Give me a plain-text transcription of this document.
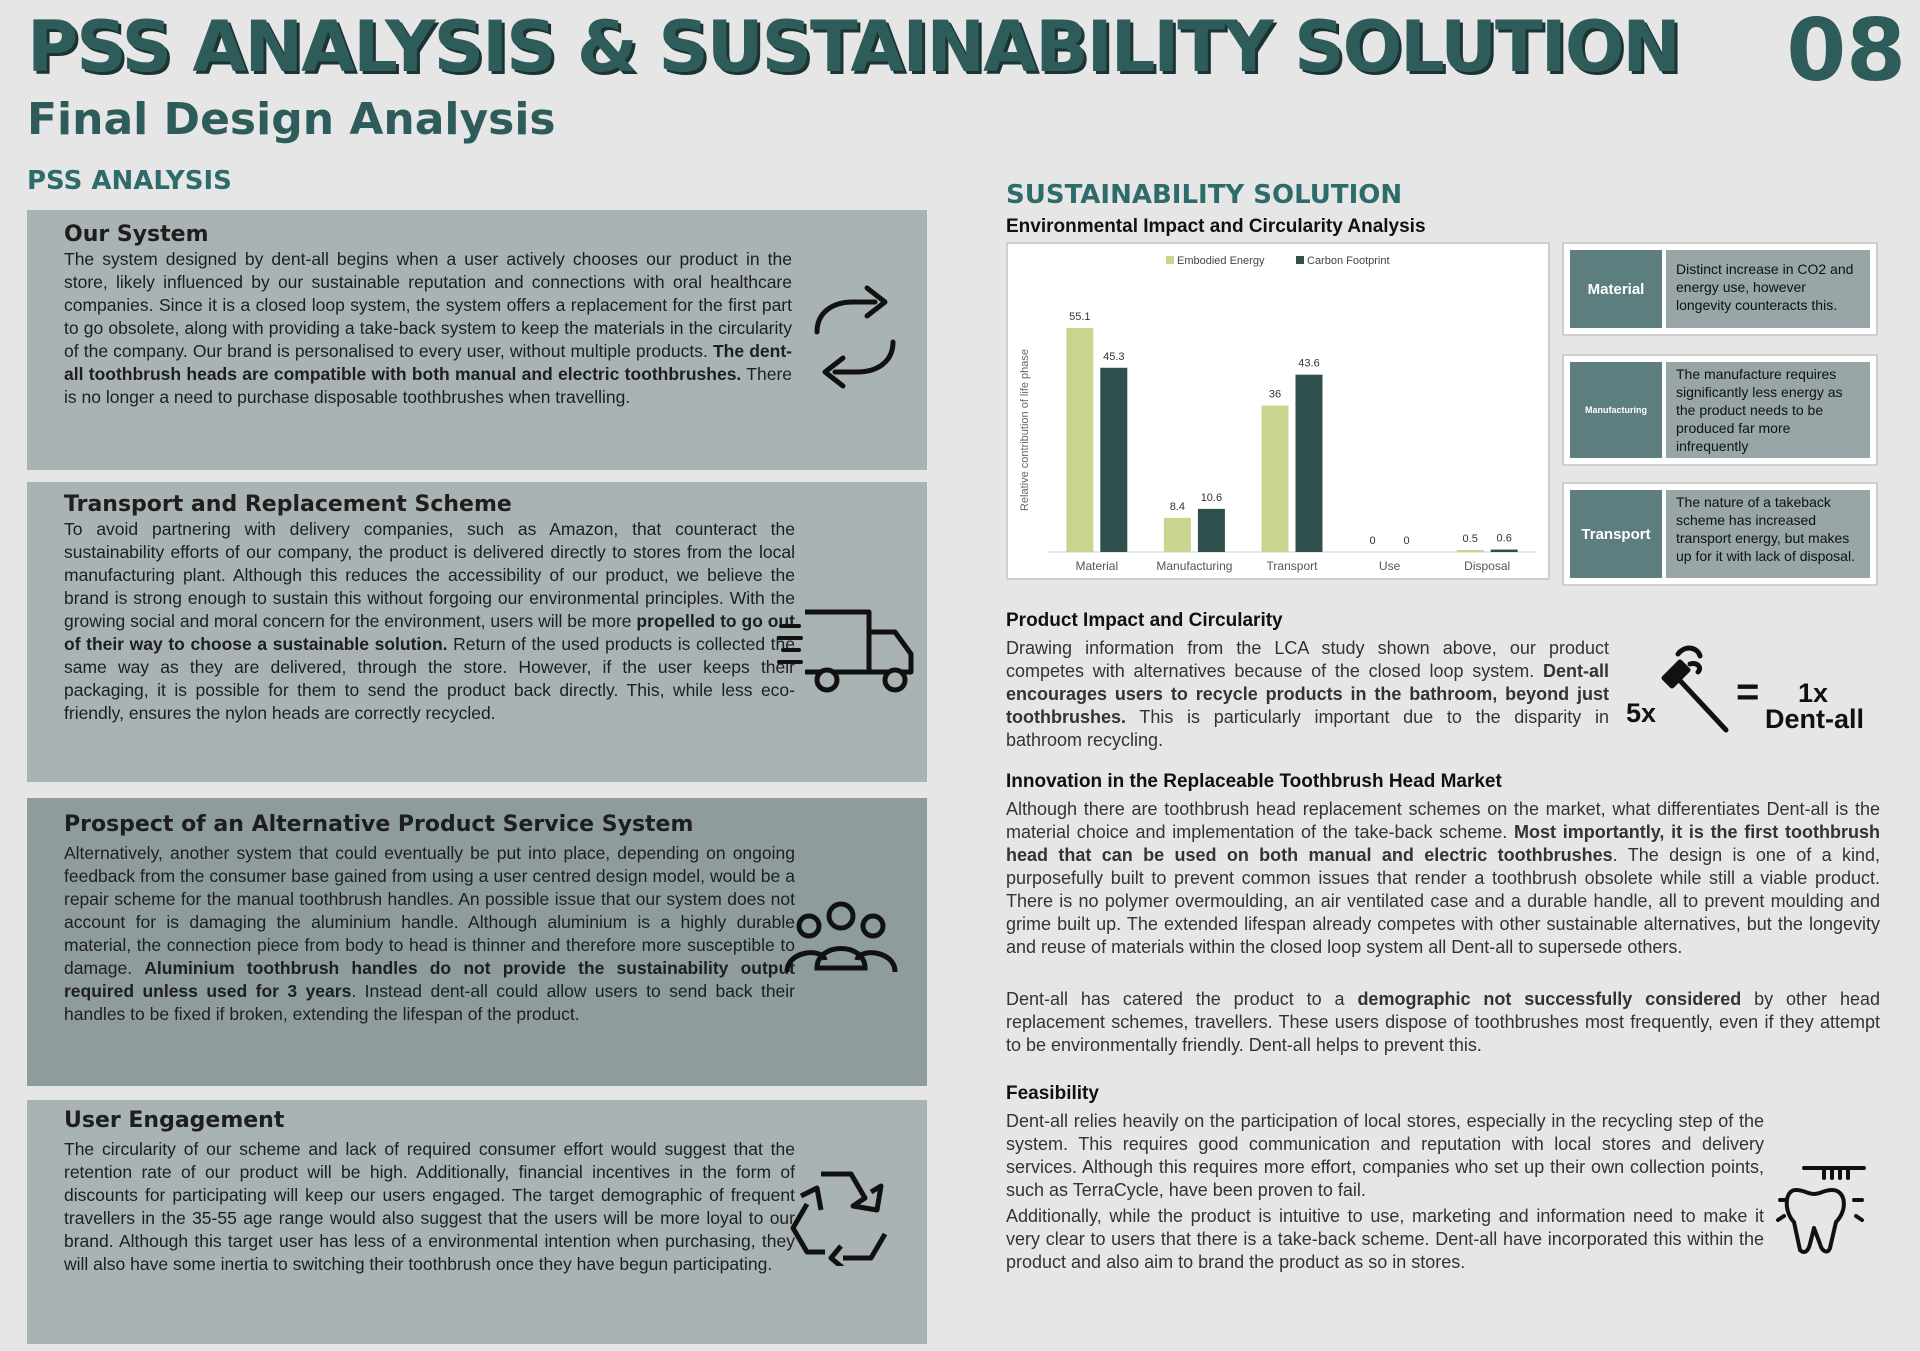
PSS ANALYSIS & SUSTAINABILITY SOLUTION 08
Final Design Analysis
PSS ANALYSIS
Our System

The system designed by dent-all begins when a user actively chooses our product in the store, likely influenced by our sustainable reputation and connections with oral healthcare companies. Since it is a closed loop system, the system offers a replacement for the first part to go obsolete, along with providing a take-back system to keep the materials in the circularity of the company. Our brand is personalised to every user, without multiple products. The dent-all toothbrush heads are compatible with both manual and electric toothbrushes. There is no longer a need to purchase disposable toothbrushes when travelling.

Transport and Replacement Scheme

To avoid partnering with delivery companies, such as Amazon, that counteract the sustainability efforts of our company, the product is delivered directly to stores from the local manufacturing plant. Although this reduces the accessibility of our product, we believe the brand is strong enough to sustain this without forgoing our environmental principles. With the growing social and moral concern for the environment, users will be more propelled to go out of their way to choose a sustainable solution. Return of the used products is collected the same way as they are delivered, through the store. However, if the user keeps their packaging, it is possible for them to send the product back directly. This, while less eco-friendly, ensures the nylon heads are correctly recycled.

Prospect of an Alternative Product Service System

Alternatively, another system that could eventually be put into place, depending on ongoing feedback from the consumer base gained from using a user centred design model, would be a repair scheme for the manual toothbrush handles. An possible issue that our system does not account for is damaging the aluminium handle. Although aluminium is a highly durable material, the connection piece from body to head is thinner and therefore more susceptible to damage. Aluminium toothbrush handles do not provide the sustainability output required unless used for 3 years. Instead dent-all could allow users to send back their handles to be fixed if broken, extending the lifespan of the product.

User Engagement

The circularity of our scheme and lack of required consumer effort would suggest that the retention rate of our product will be high. Additionally, financial incentives in the form of discounts for participating will keep our users engaged. The target demographic of frequent travellers in the 35-55 age range would also suggest that the users will be more loyal to our brand. Although this target user has less of a environmental intention when purchasing, they will also have some inertia to switching their toothbrush once they have begun participating.

SUSTAINABILITY SOLUTION
Environmental Impact and Circularity Analysis
Relative contribution of life phase
55.1
45.3
Material
8.4
10.6
Manufacturing
36
43.6
Transport
0	0
Use
0.5 0.6
Disposal
Embodied Energy	Carbon Footprint
Material
Distinct increase in CO2 and energy use, however longevity counteracts this.
Manufacturing
The manufacture requires significantly less energy as the product needs to be produced far more infrequently
Transport
The nature of a takeback scheme has increased transport energy, but makes up for it with lack of disposal.
Product Impact and Circularity

Drawing information from the LCA study shown above, our product competes with alternatives because of the closed loop system. Dent-all encourages users to recycle products in the bathroom, beyond just toothbrushes. This is particularly important due to the disparity in bathroom recycling.

5x = 1x
Dent-all
Innovation in the Replaceable Toothbrush Head Market

Although there are toothbrush head replacement schemes on the market, what differentiates Dent-all is the material choice and implementation of the take-back scheme. Most importantly, it is the first toothbrush head that can be used on both manual and electric toothbrushes. The design is one of a kind, purposefully built to prevent common issues that render a toothbrush obsolete while still a viable product. There is no polymer overmoulding, an air ventilated case and a durable handle, all to prevent moulding and grime built up. The extended lifespan already competes with other sustainable alternatives, but the longevity and reuse of materials within the closed loop system all Dent-all to supersede others.

Dent-all has catered the product to a demographic not successfully considered by other head replacement schemes, travellers. These users dispose of toothbrushes most frequently, even if they attempt to be environmentally friendly. Dent-all helps to prevent this.

Feasibility

Dent-all relies heavily on the participation of local stores, especially in the recycling step of the system. This requires good communication and reputation with local stores and delivery services. Although this requires more effort, companies who set up their own collection points, such as TerraCycle, have been proven to fail.

Additionally, while the product is intuitive to use, marketing and information need to make it very clear to users that there is a take-back scheme. Dent-all have incorporated this within the product and also aim to brand the product as so in stores.
